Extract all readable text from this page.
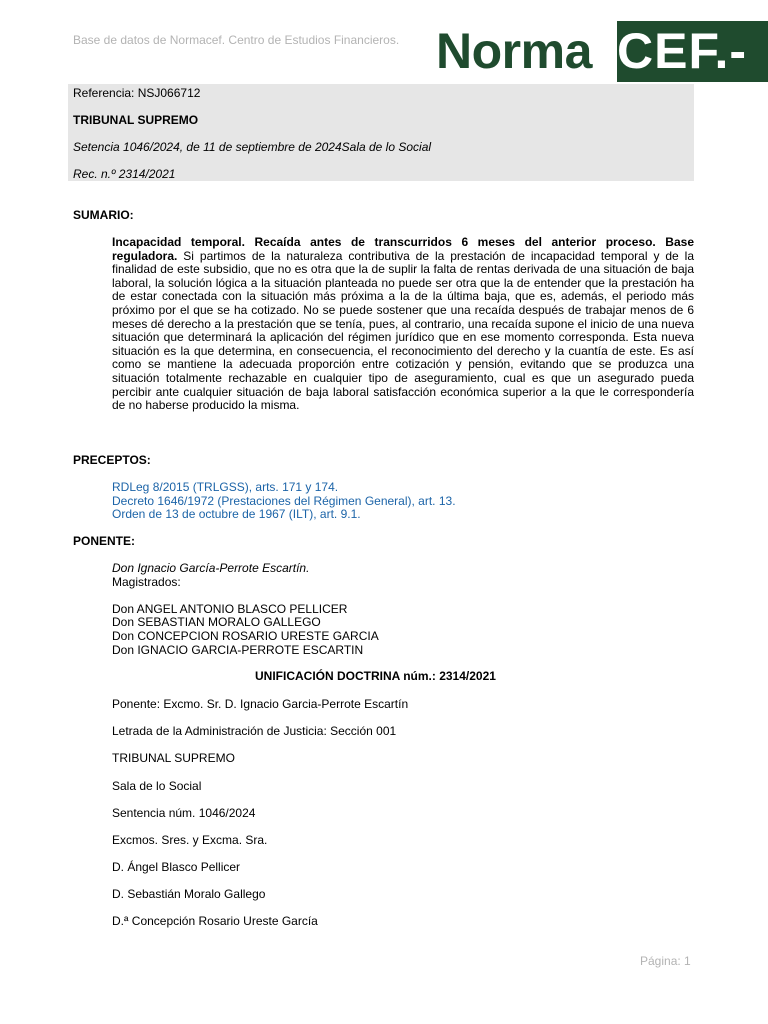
Base de datos de Normacef. Centro de Estudios Financieros. Norma CEF.-
Referencia: NSJ066712
TRIBUNAL SUPREMO
Setencia 1046/2024, de 11 de septiembre de 2024Sala de lo Social
Rec. n.º 2314/2021
SUMARIO:
Incapacidad temporal. Recaída antes de transcurridos 6 meses del anterior proceso. Base reguladora. Si partimos de la naturaleza contributiva de la prestación de incapacidad temporal y de la finalidad de este subsidio, que no es otra que la de suplir la falta de rentas derivada de una situación de baja laboral, la solución lógica a la situación planteada no puede ser otra que la de entender que la prestación ha de estar conectada con la situación más próxima a la de la última baja, que es, además, el periodo más próximo por el que se ha cotizado. No se puede sostener que una recaída después de trabajar menos de 6 meses dé derecho a la prestación que se tenía, pues, al contrario, una recaída supone el inicio de una nueva situación que determinará la aplicación del régimen jurídico que en ese momento corresponda. Esta nueva situación es la que determina, en consecuencia, el reconocimiento del derecho y la cuantía de este. Es así como se mantiene la adecuada proporción entre cotización y pensión, evitando que se produzca una situación totalmente rechazable en cualquier tipo de aseguramiento, cual es que un asegurado pueda percibir ante cualquier situación de baja laboral satisfacción económica superior a la que le correspondería de no haberse producido la misma.
PRECEPTOS:
RDLeg 8/2015 (TRLGSS), arts. 171 y 174.
Decreto 1646/1972 (Prestaciones del Régimen General), art. 13.
Orden de 13 de octubre de 1967 (ILT), art. 9.1.
PONENTE:
Don Ignacio García-Perrote Escartín.
Magistrados:
Don ANGEL ANTONIO BLASCO PELLICER
Don SEBASTIAN MORALO GALLEGO
Don CONCEPCION ROSARIO URESTE GARCIA
Don IGNACIO GARCIA-PERROTE ESCARTIN
UNIFICACIÓN DOCTRINA núm.: 2314/2021
Ponente: Excmo. Sr. D. Ignacio Garcia-Perrote Escartín
Letrada de la Administración de Justicia: Sección 001
TRIBUNAL SUPREMO
Sala de lo Social
Sentencia núm. 1046/2024
Excmos. Sres. y Excma. Sra.
D. Ángel Blasco Pellicer
D. Sebastián Moralo Gallego
D.ª Concepción Rosario Ureste García
Página: 1
